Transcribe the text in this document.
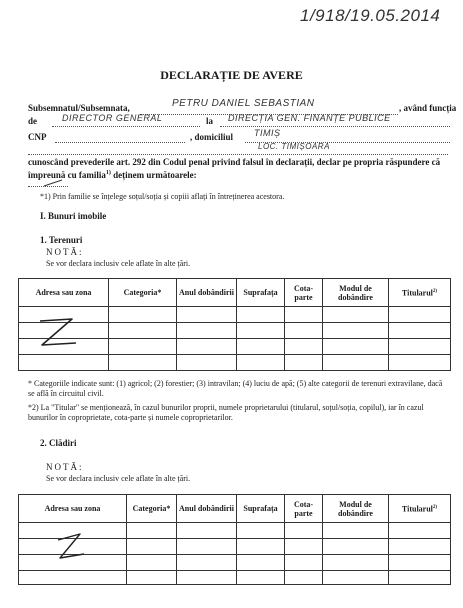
1/918/19.05.2014
DECLARAȚIE DE AVERE
Subsemnatul/Subsemnata,	PETRU DANIEL SEBASTIAN	, având funcția
de	DIRECTOR GENERAL	la DIRECȚIA GEN. FINANȚE PUBLICE
CNP	, domiciliul TIMIȘ
LOC. TIMIȘOARA
cunoscând prevederile art. 292 din Codul penal privind falsul în declarații, declar pe propria răspundere că împreună cu familia$^{1)}$ deținem următoarele:
*1) Prin familie se înțelege soțul/soția și copiii aflați în întreținerea acestora.
I. Bunuri imobile
1. Terenuri
NOTĂ:
Se vor declara inclusiv cele aflate în alte țări.
Adresa sau zona	Categoria*	Anul dobândirii	Suprafața	Cota-parte	Modul de dobândire	Titularul$^{2)}$

* Categoriile indicate sunt: (1) agricol; (2) forestier; (3) intravilan; (4) luciu de apă; (5) alte categorii de terenuri extravilane, dacă se află în circuitul civil.
*2) La "Titular" se menționează, în cazul bunurilor proprii, numele proprietarului (titularul, soțul/soția, copilul), iar în cazul bunurilor în coproprietate, cota-parte și numele coproprietarilor.
2. Clădiri
NOTĂ:
Se vor declara inclusiv cele aflate în alte țări.
Adresa sau zona	Categoria*	Anul dobândirii	Suprafața	Cota-parte	Modul de dobândire	Titularul$^{2)}$
